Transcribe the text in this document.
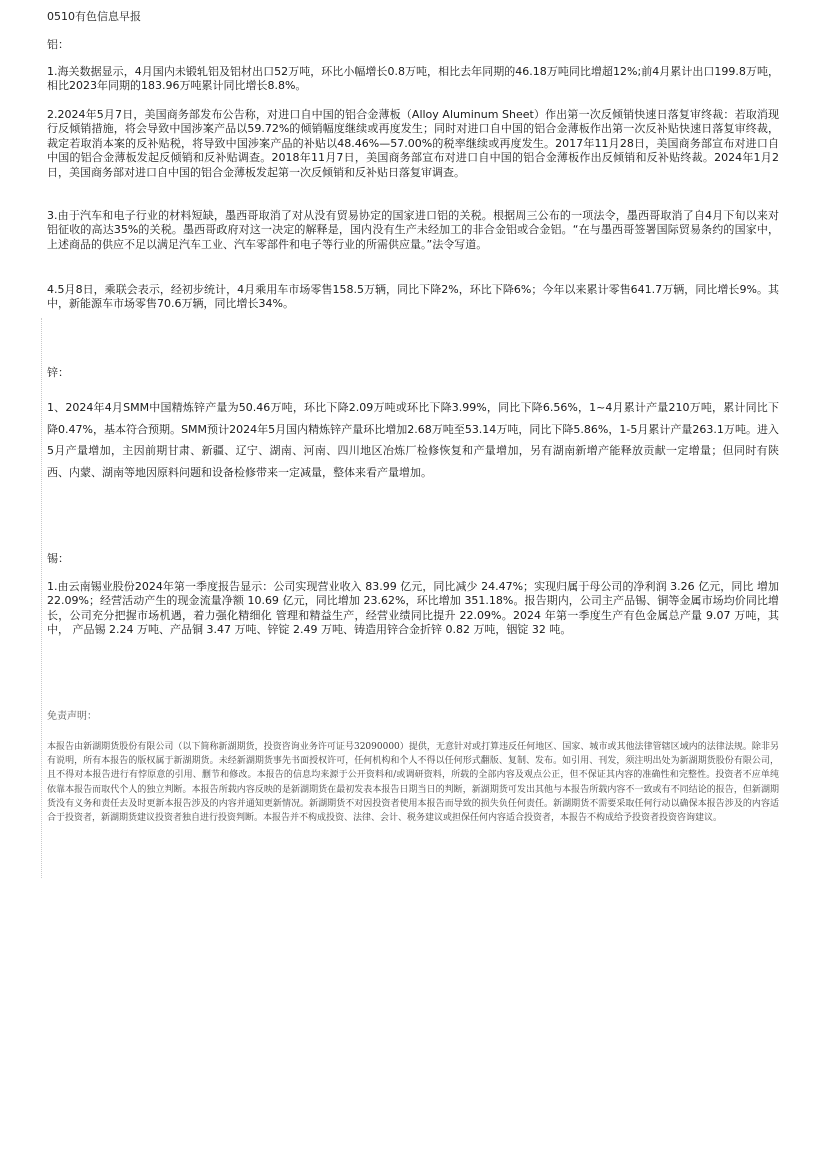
0510有色信息早报
铝：
1.海关数据显示，4月国内未锻轧铝及铝材出口52万吨，环比小幅增长0.8万吨，相比去年同期的46.18万吨同比增超12%;前4月累计出口199.8万吨，相比2023年同期的183.96万吨累计同比增长8.8%。
2.2024年5月7日，美国商务部发布公告称，对进口自中国的铝合金薄板（Alloy Aluminum Sheet）作出第一次反倾销快速日落复审终裁：若取消现行反倾销措施，将会导致中国涉案产品以59.72%的倾销幅度继续或再度发生；同时对进口自中国的铝合金薄板作出第一次反补贴快速日落复审终裁，裁定若取消本案的反补贴税，将导致中国涉案产品的补贴以48.46%—57.00%的税率继续或再度发生。2017年11月28日，美国商务部宣布对进口自中国的铝合金薄板发起反倾销和反补贴调查。2018年11月7日，美国商务部宣布对进口自中国的铝合金薄板作出反倾销和反补贴终裁。2024年1月2日，美国商务部对进口自中国的铝合金薄板发起第一次反倾销和反补贴日落复审调查。
3.由于汽车和电子行业的材料短缺，墨西哥取消了对从没有贸易协定的国家进口铝的关税。根据周三公布的一项法令，墨西哥取消了自4月下旬以来对铝征收的高达35%的关税。墨西哥政府对这一决定的解释是，国内没有生产未经加工的非合金铝或合金铝。“在与墨西哥签署国际贸易条约的国家中，上述商品的供应不足以满足汽车工业、汽车零部件和电子等行业的所需供应量。”法令写道。
4.5月8日，乘联会表示，经初步统计，4月乘用车市场零售158.5万辆，同比下降2%，环比下降6%；今年以来累计零售641.7万辆，同比增长9%。其中，新能源车市场零售70.6万辆，同比增长34%。
锌：
1、2024年4月SMM中国精炼锌产量为50.46万吨，环比下降2.09万吨或环比下降3.99%，同比下降6.56%，1~4月累计产量210万吨，累计同比下降0.47%，基本符合预期。SMM预计2024年5月国内精炼锌产量环比增加2.68万吨至53.14万吨，同比下降5.86%，1-5月累计产量263.1万吨。进入5月产量增加，主因前期甘肃、新疆、辽宁、湖南、河南、四川地区冶炼厂检修恢复和产量增加，另有湖南新增产能释放贡献一定增量；但同时有陕西、内蒙、湖南等地因原料问题和设备检修带来一定减量，整体来看产量增加。
锡：
1.由云南锡业股份2024年第一季度报告显示：公司实现营业收入 83.99 亿元，同比减少 24.47%；实现归属于母公司的净利润 3.26 亿元，同比 增加 22.09%；经营活动产生的现金流量净额 10.69 亿元，同比增加 23.62%，环比增加 351.18%。报告期内，公司主产品锡、铜等金属市场均价同比增长，公司充分把握市场机遇，着力强化精细化 管理和精益生产，经营业绩同比提升 22.09%。2024 年第一季度生产有色金属总产量 9.07 万吨，其中， 产品锡 2.24 万吨、产品铜 3.47 万吨、锌锭 2.49 万吨、铸造用锌合金折锌 0.82 万吨，铟锭 32 吨。
免责声明：
本报告由新湖期货股份有限公司（以下简称新湖期货，投资咨询业务许可证号32090000）提供，无意针对或打算违反任何地区、国家、城市或其他法律管辖区域内的法律法规。除非另有说明，所有本报告的版权属于新湖期货。未经新湖期货事先书面授权许可，任何机构和个人不得以任何形式翻版、复制、发布。如引用、刊发，须注明出处为新湖期货股份有限公司，且不得对本报告进行有悖原意的引用、删节和修改。本报告的信息均来源于公开资料和/或调研资料，所载的全部内容及观点公正，但不保证其内容的准确性和完整性。投资者不应单纯依靠本报告而取代个人的独立判断。本报告所载内容反映的是新湖期货在最初发表本报告日期当日的判断，新湖期货可发出其他与本报告所载内容不一致或有不同结论的报告，但新湖期货没有义务和责任去及时更新本报告涉及的内容并通知更新情况。新湖期货不对因投资者使用本报告而导致的损失负任何责任。新湖期货不需要采取任何行动以确保本报告涉及的内容适合于投资者，新湖期货建议投资者独自进行投资判断。本报告并不构成投资、法律、会计、税务建议或担保任何内容适合投资者，本报告不构成给予投资者投资咨询建议。
